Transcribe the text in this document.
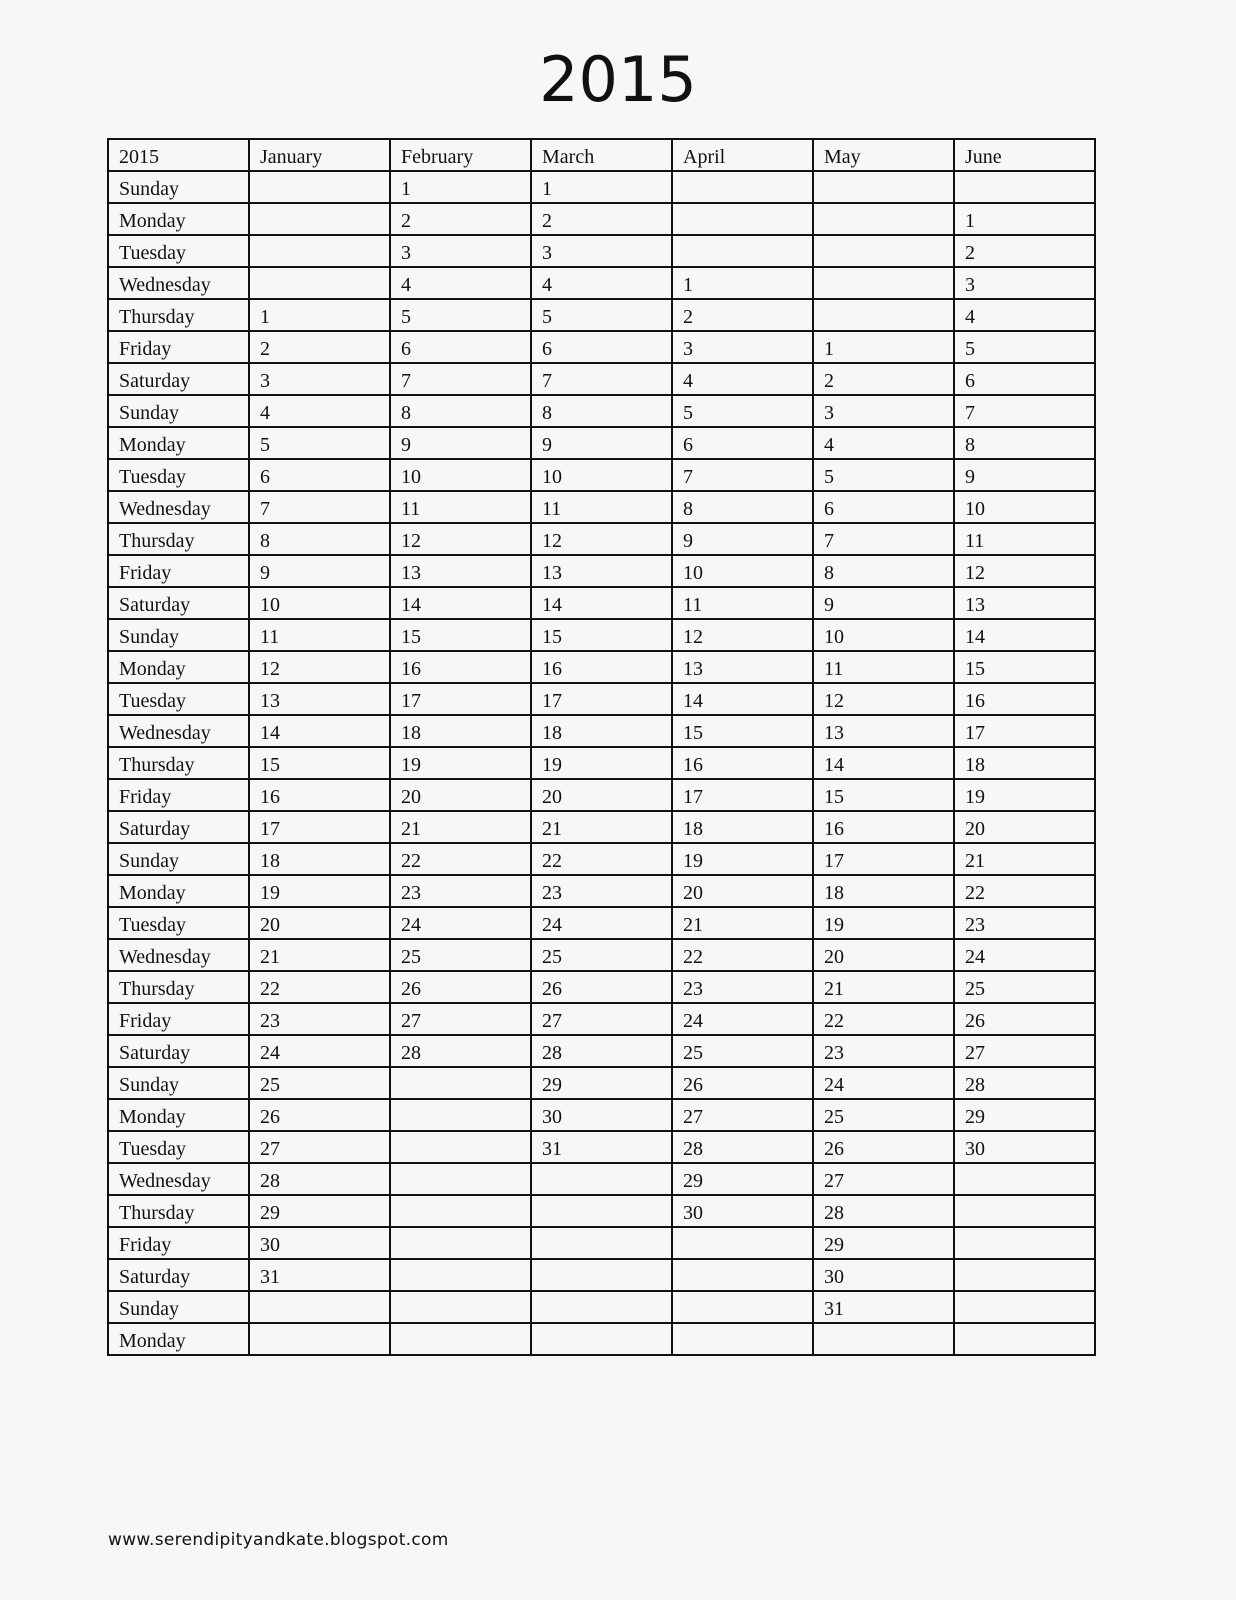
2015
2015	January	February	March	April	May	June
Sunday		1	1			
Monday		2	2			1
Tuesday		3	3			2
Wednesday		4	4	1		3
Thursday	1	5	5	2		4
Friday	2	6	6	3	1	5
Saturday	3	7	7	4	2	6
Sunday	4	8	8	5	3	7
Monday	5	9	9	6	4	8
Tuesday	6	10	10	7	5	9
Wednesday	7	11	11	8	6	10
Thursday	8	12	12	9	7	11
Friday	9	13	13	10	8	12
Saturday	10	14	14	11	9	13
Sunday	11	15	15	12	10	14
Monday	12	16	16	13	11	15
Tuesday	13	17	17	14	12	16
Wednesday	14	18	18	15	13	17
Thursday	15	19	19	16	14	18
Friday	16	20	20	17	15	19
Saturday	17	21	21	18	16	20
Sunday	18	22	22	19	17	21
Monday	19	23	23	20	18	22
Tuesday	20	24	24	21	19	23
Wednesday	21	25	25	22	20	24
Thursday	22	26	26	23	21	25
Friday	23	27	27	24	22	26
Saturday	24	28	28	25	23	27
Sunday	25		29	26	24	28
Monday	26		30	27	25	29
Tuesday	27		31	28	26	30
Wednesday	28			29	27	
Thursday	29			30	28	
Friday	30				29	
Saturday	31				30	
Sunday					31	
Monday						
www.serendipityandkate.blogspot.com
